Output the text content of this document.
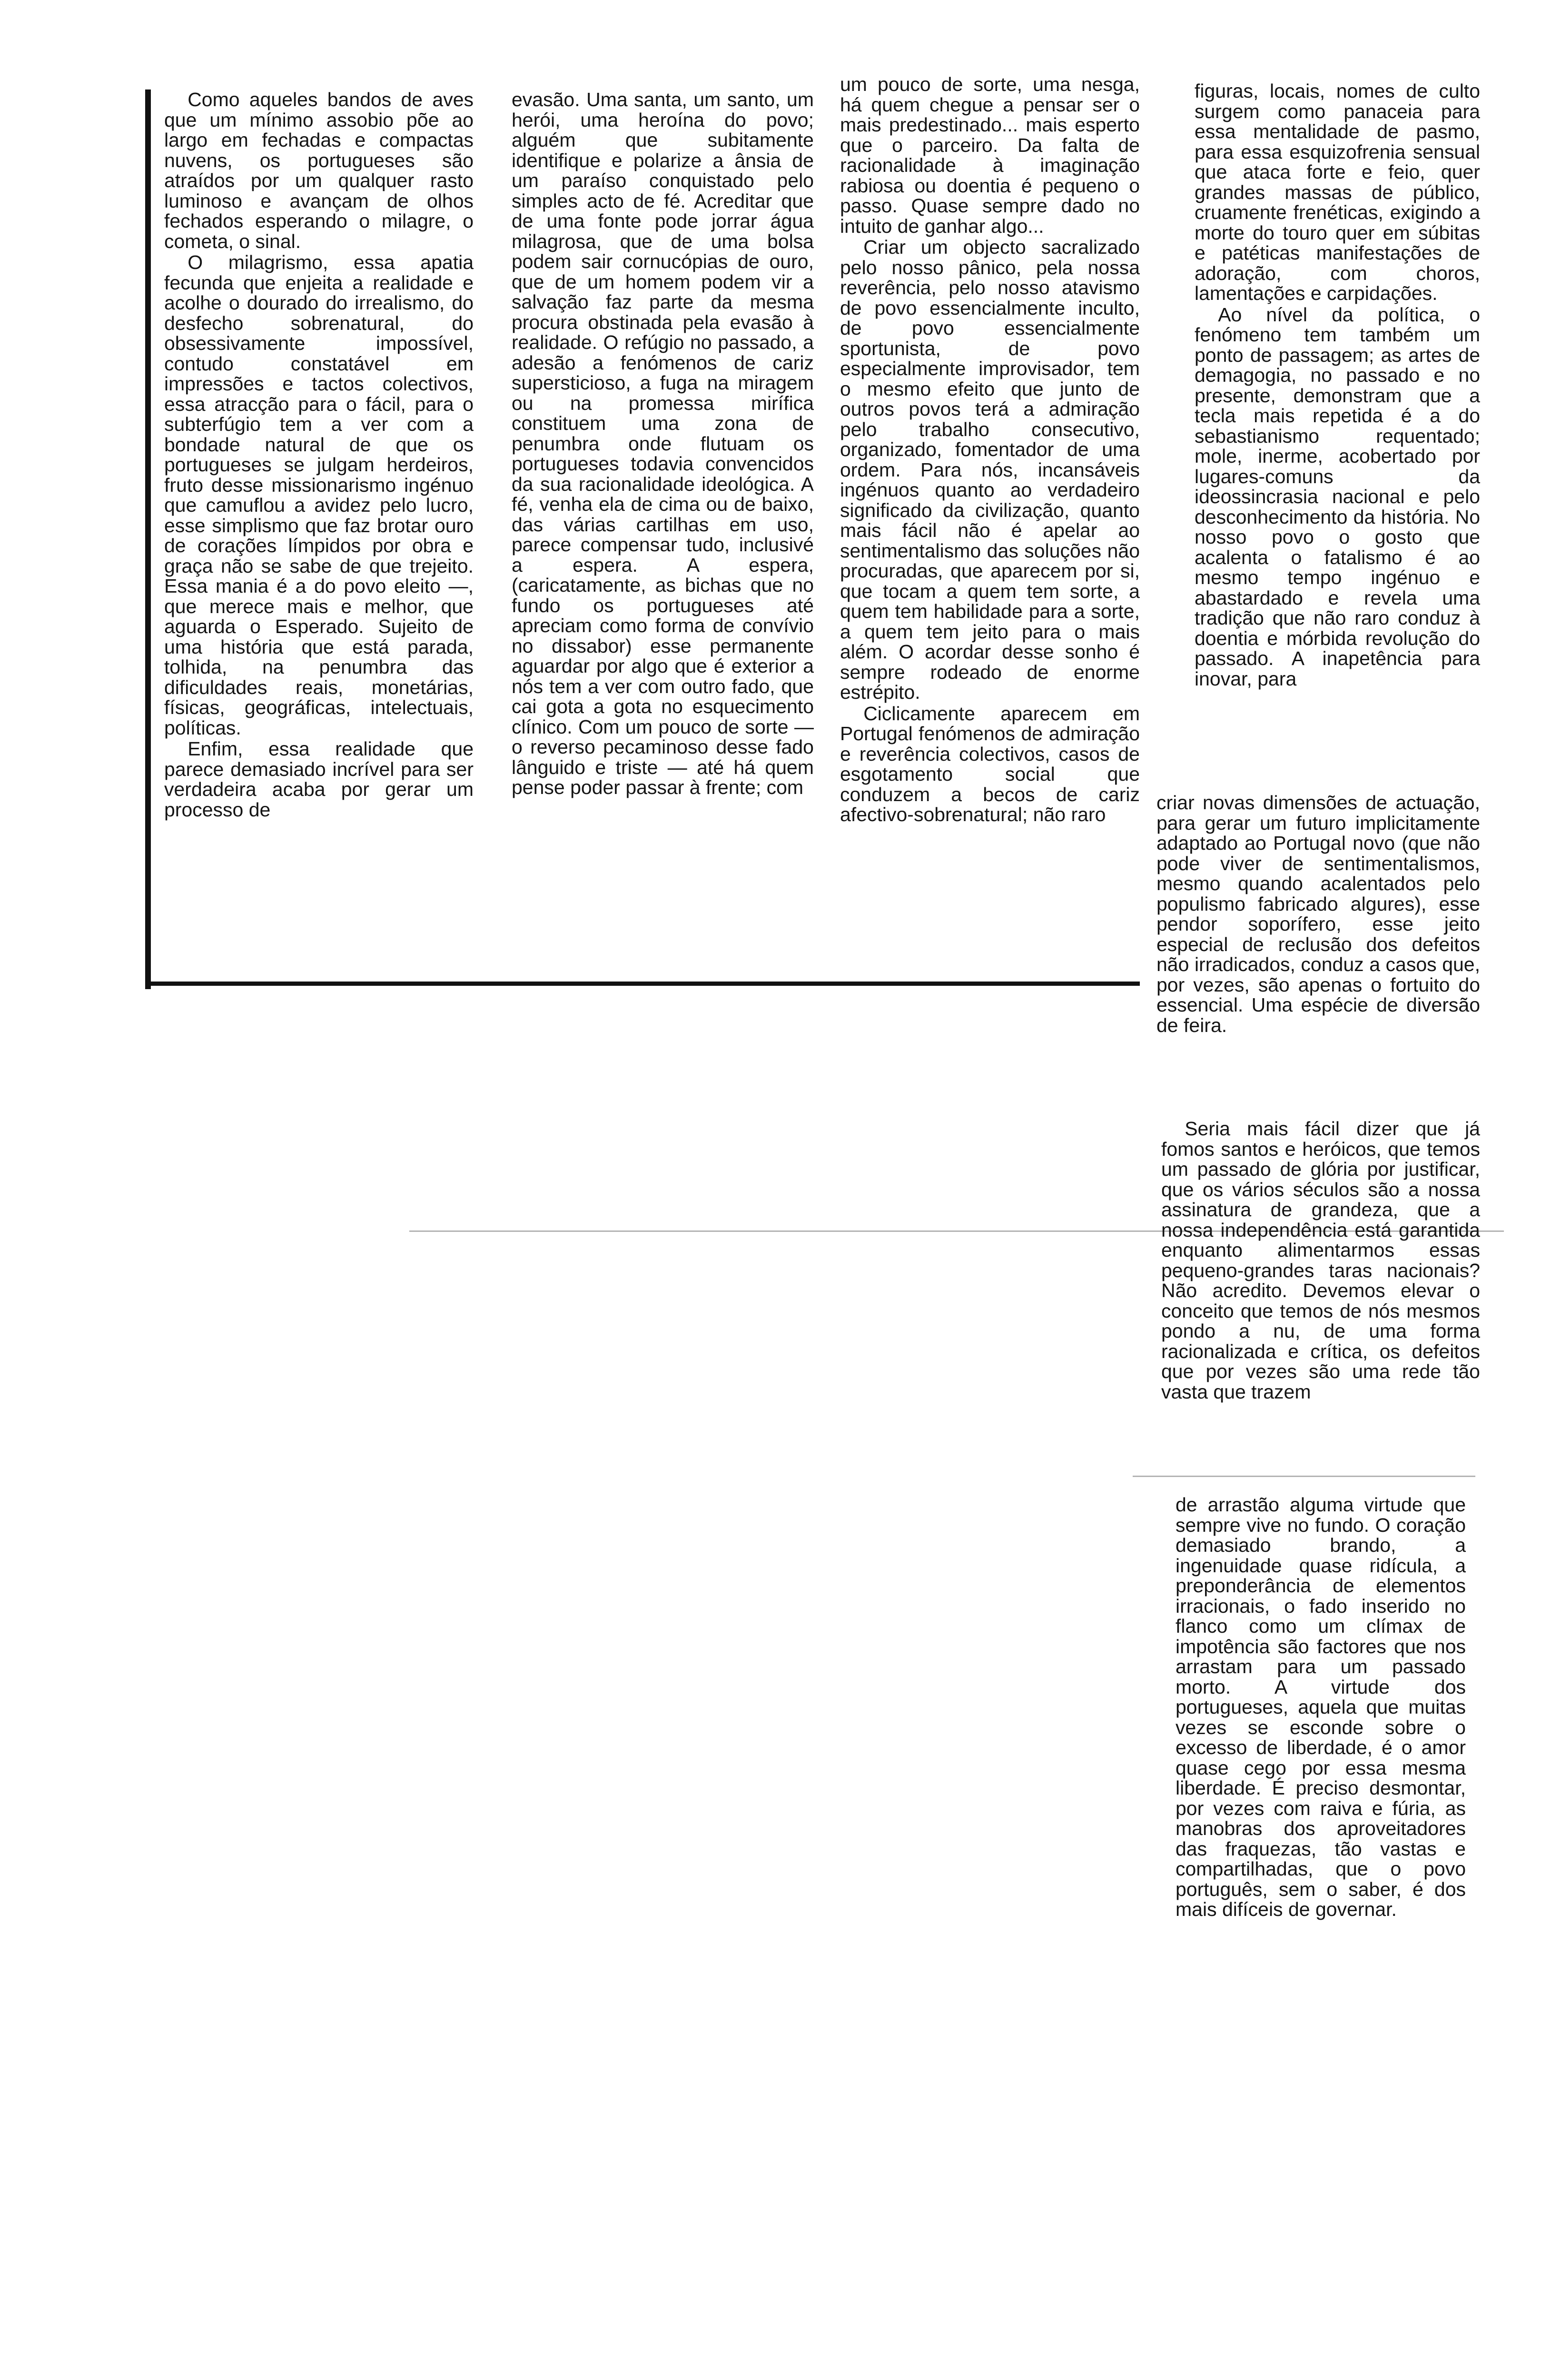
Como aqueles bandos de aves que um mínimo assobio põe ao largo em fechadas e compactas nuvens, os portugueses são atraídos por um qualquer rasto luminoso e avançam de olhos fechados esperando o milagre, o cometa, o sinal.

O milagrismo, essa apatia fecunda que enjeita a realidade e acolhe o dourado do irrealismo, do desfecho sobrenatural, do obsessivamente impossível, contudo constatável em impressões e tactos colectivos, essa atracção para o fácil, para o subterfúgio tem a ver com a bondade natural de que os portugueses se julgam herdeiros, fruto desse missionarismo ingénuo que camuflou a avidez pelo lucro, esse simplismo que faz brotar ouro de corações límpidos por obra e graça não se sabe de que trejeito. Essa mania é a do povo eleito —, que merece mais e melhor, que aguarda o Esperado. Sujeito de uma história que está parada, tolhida, na penumbra das dificuldades reais, monetárias, físicas, geográficas, intelectuais, políticas.

Enfim, essa realidade que parece demasiado incrível para ser verdadeira acaba por gerar um processo de

evasão. Uma santa, um santo, um herói, uma heroína do povo; alguém que subitamente identifique e polarize a ânsia de um paraíso conquistado pelo simples acto de fé. Acreditar que de uma fonte pode jorrar água milagrosa, que de uma bolsa podem sair cornucópias de ouro, que de um homem podem vir a salvação faz parte da mesma procura obstinada pela evasão à realidade. O refúgio no passado, a adesão a fenómenos de cariz supersticioso, a fuga na miragem ou na promessa mirífica constituem uma zona de penumbra onde flutuam os portugueses todavia convencidos da sua racionalidade ideológica. A fé, venha ela de cima ou de baixo, das várias cartilhas em uso, parece compensar tudo, inclusivé a espera. A espera, (caricatamente, as bichas que no fundo os portugueses até apreciam como forma de convívio no dissabor) esse permanente aguardar por algo que é exterior a nós tem a ver com outro fado, que cai gota a gota no esquecimento clínico. Com um pouco de sorte — o reverso pecaminoso desse fado lânguido e triste — até há quem pense poder passar à frente; com

um pouco de sorte, uma nesga, há quem chegue a pensar ser o mais predestinado... mais esperto que o parceiro. Da falta de racionalidade à imaginação rabiosa ou doentia é pequeno o passo. Quase sempre dado no intuito de ganhar algo...

Criar um objecto sacralizado pelo nosso pânico, pela nossa reverência, pelo nosso atavismo de povo essencialmente inculto, de povo essencialmente sportunista, de povo especialmente improvisador, tem o mesmo efeito que junto de outros povos terá a admiração pelo trabalho consecutivo, organizado, fomentador de uma ordem. Para nós, incansáveis ingénuos quanto ao verdadeiro significado da civilização, quanto mais fácil não é apelar ao sentimentalismo das soluções não procuradas, que aparecem por si, que tocam a quem tem sorte, a quem tem habilidade para a sorte, a quem tem jeito para o mais além. O acordar desse sonho é sempre rodeado de enorme estrépito.

Ciclicamente aparecem em Portugal fenómenos de admiração e reverência colectivos, casos de esgotamento social que conduzem a becos de cariz afectivo-sobrenatural; não raro

figuras, locais, nomes de culto surgem como panaceia para essa mentalidade de pasmo, para essa esquizofrenia sensual que ataca forte e feio, quer grandes massas de público, cruamente frenéticas, exigindo a morte do touro quer em súbitas e patéticas manifestações de adoração, com choros, lamentações e carpidações.

Ao nível da política, o fenómeno tem também um ponto de passagem; as artes de demagogia, no passado e no presente, demonstram que a tecla mais repetida é a do sebastianismo requentado; mole, inerme, acobertado por lugares-comuns da ideossincrasia nacional e pelo desconhecimento da história. No nosso povo o gosto que acalenta o fatalismo é ao mesmo tempo ingénuo e abastardado e revela uma tradição que não raro conduz à doentia e mórbida revolução do passado. A inapetência para inovar, para

criar novas dimensões de actuação, para gerar um futuro implicitamente adaptado ao Portugal novo (que não pode viver de sentimentalismos, mesmo quando acalentados pelo populismo fabricado algures), esse pendor soporífero, esse jeito especial de reclusão dos defeitos não irradicados, conduz a casos que, por vezes, são apenas o fortuito do essencial. Uma espécie de diversão de feira.

Seria mais fácil dizer que já fomos santos e heróicos, que temos um passado de glória por justificar, que os vários séculos são a nossa assinatura de grandeza, que a nossa independência está garantida enquanto alimentarmos essas pequeno-grandes taras nacionais? Não acredito. Devemos elevar o conceito que temos de nós mesmos pondo a nu, de uma forma racionalizada e crítica, os defeitos que por vezes são uma rede tão vasta que trazem

de arrastão alguma virtude que sempre vive no fundo. O coração demasiado brando, a ingenuidade quase ridícula, a preponderância de elementos irracionais, o fado inserido no flanco como um clímax de impotência são factores que nos arrastam para um passado morto. A virtude dos portugueses, aquela que muitas vezes se esconde sobre o excesso de liberdade, é o amor quase cego por essa mesma liberdade. É preciso desmontar, por vezes com raiva e fúria, as manobras dos aproveitadores das fraquezas, tão vastas e compartilhadas, que o povo português, sem o saber, é dos mais difíceis de governar.
